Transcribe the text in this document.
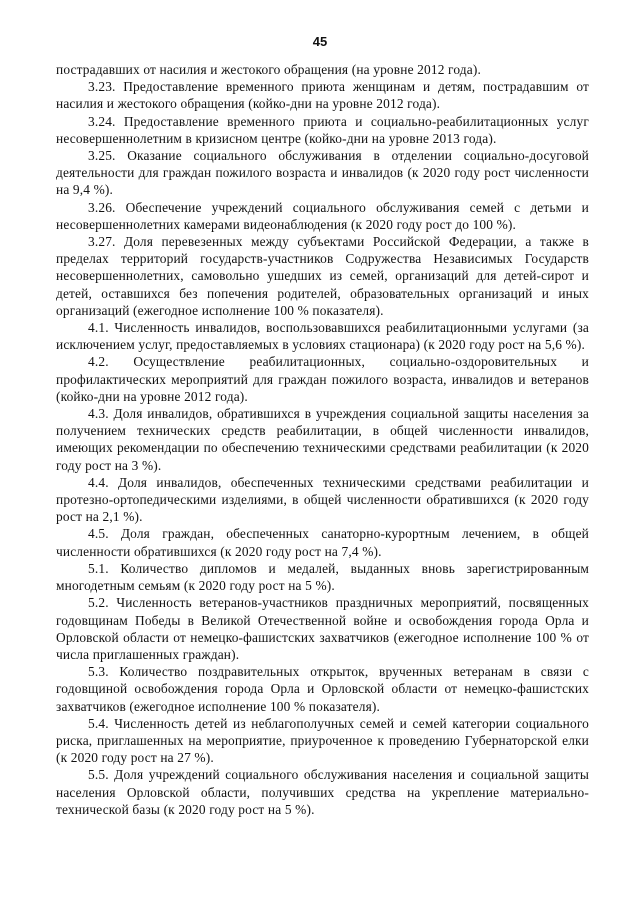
45

пострадавших от насилия и жестокого обращения (на уровне 2012 года).

3.23. Предоставление временного приюта женщинам и детям, пострадавшим от насилия и жестокого обращения (койко-дни на уровне 2012 года).

3.24. Предоставление временного приюта и социально-реабилитационных услуг несовершеннолетним в кризисном центре (койко-дни на уровне 2013 года).

3.25. Оказание социального обслуживания в отделении социально-досуговой деятельности для граждан пожилого возраста и инвалидов (к 2020 году рост численности на 9,4 %).

3.26. Обеспечение учреждений социального обслуживания семей с детьми и несовершеннолетних камерами видеонаблюдения (к 2020 году рост до 100 %).

3.27. Доля перевезенных между субъектами Российской Федерации, а также в пределах территорий государств-участников Содружества Независимых Государств несовершеннолетних, самовольно ушедших из семей, организаций для детей-сирот и детей, оставшихся без попечения родителей, образовательных организаций и иных организаций (ежегодное исполнение 100 % показателя).

4.1. Численность инвалидов, воспользовавшихся реабилитационными услугами (за исключением услуг, предоставляемых в условиях стационара) (к 2020 году рост на 5,6 %).

4.2. Осуществление реабилитационных, социально-оздоровительных и профилактических мероприятий для граждан пожилого возраста, инвалидов и ветеранов (койко-дни на уровне 2012 года).

4.3. Доля инвалидов, обратившихся в учреждения социальной защиты населения за получением технических средств реабилитации, в общей численности инвалидов, имеющих рекомендации по обеспечению техническими средствами реабилитации (к 2020 году рост на 3 %).

4.4. Доля инвалидов, обеспеченных техническими средствами реабилитации и протезно-ортопедическими изделиями, в общей численности обратившихся (к 2020 году рост на 2,1 %).

4.5. Доля граждан, обеспеченных санаторно-курортным лечением, в общей численности обратившихся (к 2020 году рост на 7,4 %).

5.1. Количество дипломов и медалей, выданных вновь зарегистрированным многодетным семьям (к 2020 году рост на 5 %).

5.2. Численность ветеранов-участников праздничных мероприятий, посвященных годовщинам Победы в Великой Отечественной войне и освобождения города Орла и Орловской области от немецко-фашистских захватчиков (ежегодное исполнение 100 % от числа приглашенных граждан).

5.3. Количество поздравительных открыток, врученных ветеранам в связи с годовщиной освобождения города Орла и Орловской области от немецко-фашистских захватчиков (ежегодное исполнение 100 % показателя).

5.4. Численность детей из неблагополучных семей и семей категории социального риска, приглашенных на мероприятие, приуроченное к проведению Губернаторской елки (к 2020 году рост на 27 %).

5.5. Доля учреждений социального обслуживания населения и социальной защиты населения Орловской области, получивших средства на укрепление материально-технической базы (к 2020 году рост на 5 %).
